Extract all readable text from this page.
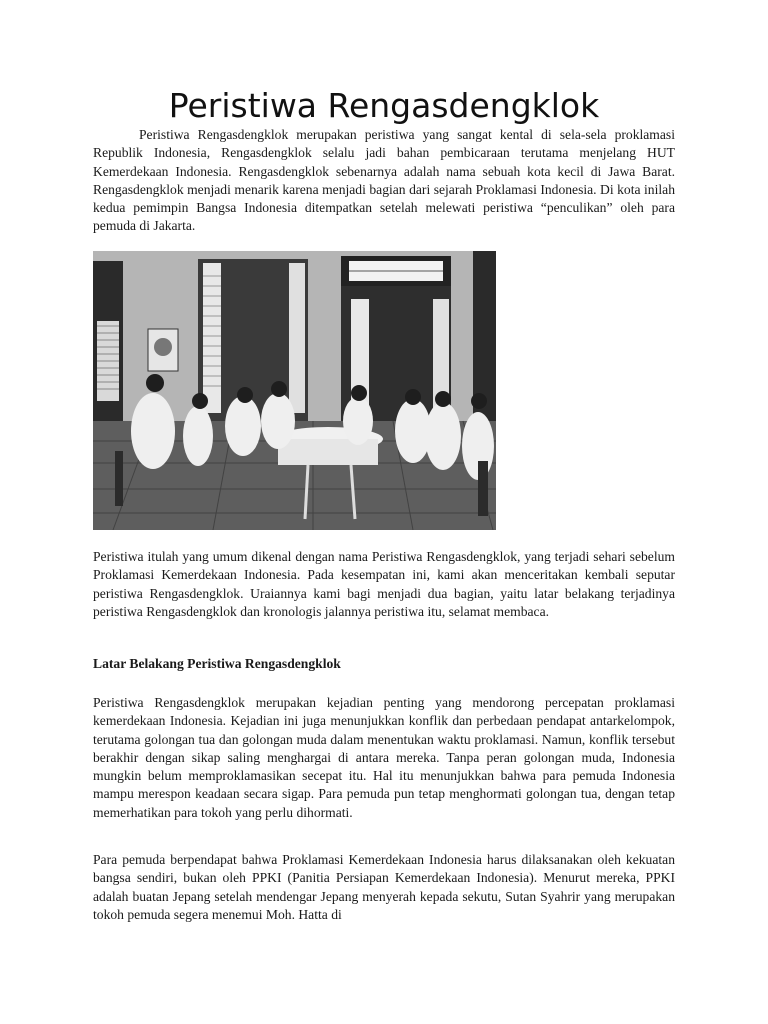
Peristiwa Rengasdengklok

Peristiwa Rengasdengklok merupakan peristiwa yang sangat kental di sela-sela proklamasi Republik Indonesia, Rengasdengklok selalu jadi bahan pembicaraan terutama menjelang HUT Kemerdekaan Indonesia. Rengasdengklok sebenarnya adalah nama sebuah kota kecil di Jawa Barat. Rengasdengklok menjadi menarik karena menjadi bagian dari sejarah Proklamasi Indonesia. Di kota inilah kedua pemimpin Bangsa Indonesia ditempatkan setelah melewati peristiwa “penculikan” oleh para pemuda di Jakarta.

Peristiwa itulah yang umum dikenal dengan nama Peristiwa Rengasdengklok, yang terjadi sehari sebelum Proklamasi Kemerdekaan Indonesia. Pada kesempatan ini, kami akan menceritakan kembali seputar peristiwa Rengasdengklok. Uraiannya kami bagi menjadi dua bagian, yaitu latar belakang terjadinya peristiwa Rengasdengklok dan kronologis jalannya peristiwa itu, selamat membaca.

Latar Belakang Peristiwa Rengasdengklok

Peristiwa Rengasdengklok merupakan kejadian penting yang mendorong percepatan proklamasi kemerdekaan Indonesia. Kejadian ini juga menunjukkan konflik dan perbedaan pendapat antarkelompok, terutama golongan tua dan golongan muda dalam menentukan waktu proklamasi. Namun, konflik tersebut berakhir dengan sikap saling menghargai di antara mereka. Tanpa peran golongan muda, Indonesia mungkin belum memproklamasikan secepat itu. Hal itu menunjukkan bahwa para pemuda Indonesia mampu merespon keadaan secara sigap. Para pemuda pun tetap menghormati golongan tua, dengan tetap memerhatikan para tokoh yang perlu dihormati.

Para pemuda berpendapat bahwa Proklamasi Kemerdekaan Indonesia harus dilaksanakan oleh kekuatan bangsa sendiri, bukan oleh PPKI (Panitia Persiapan Kemerdekaan Indonesia). Menurut mereka, PPKI adalah buatan Jepang setelah mendengar Jepang menyerah kepada sekutu, Sutan Syahrir yang merupakan tokoh pemuda segera menemui Moh. Hatta di
